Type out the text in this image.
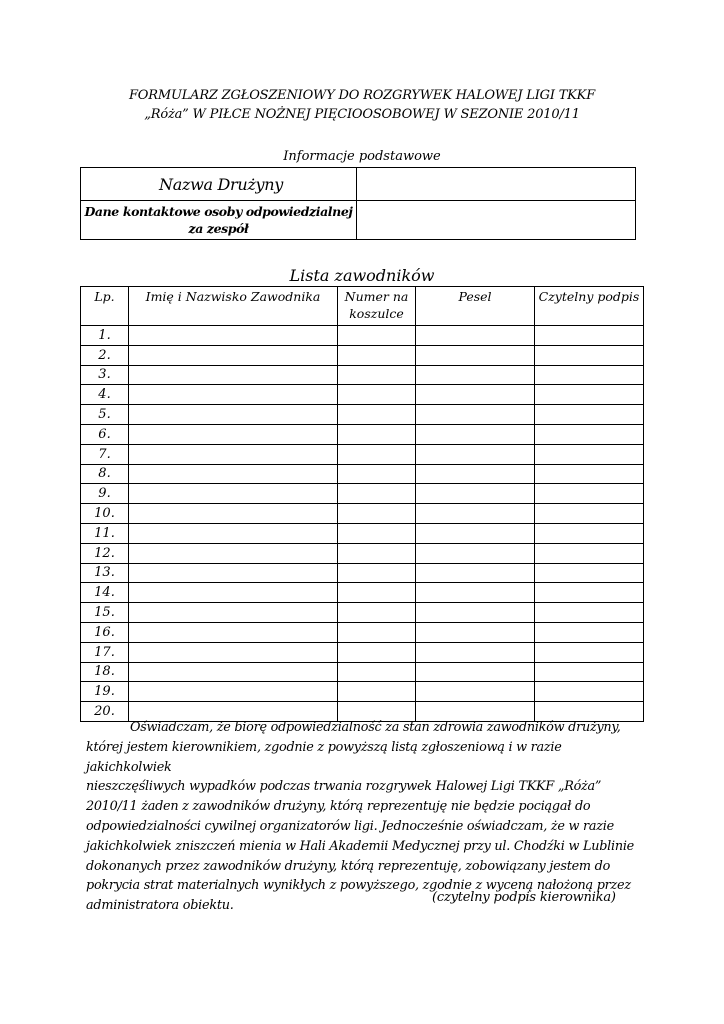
FORMULARZ ZGŁOSZENIOWY DO ROZGRYWEK HALOWEJ LIGI TKKF
„Róża” W PIŁCE NOŻNEJ PIĘCIOOSOBOWEJ W SEZONIE 2010/11
Informacje podstawowe
Nazwa Drużyny	

Dane kontaktowe osoby odpowiedzialnej
za zespół	

Lista zawodników
Lp.	Imię i Nazwisko Zawodnika	Numer na
koszulce	Pesel	Czytelny podpis
1.				
2.				
3.				
4.				
5.				
6.				
7.				
8.				
9.				
10.				
11.				
12.				
13.				
14.				
15.				
16.				
17.				
18.				
19.				
20.				
Oświadczam, że biorę odpowiedzialność za stan zdrowia zawodników drużyny,
której jestem kierownikiem, zgodnie z powyższą listą zgłoszeniową i w razie jakichkolwiek
nieszczęśliwych wypadków podczas trwania rozgrywek Halowej Ligi TKKF „Róża”
2010/11 żaden z zawodników drużyny, którą reprezentuję nie będzie pociągał do
odpowiedzialności cywilnej organizatorów ligi. Jednocześnie oświadczam, że w razie
jakichkolwiek zniszczeń mienia w Hali Akademii Medycznej przy ul. Chodźki w Lublinie
dokonanych przez zawodników drużyny, którą reprezentuję, zobowiązany jestem do
pokrycia strat materialnych wynikłych z powyższego, zgodnie z wyceną nałożoną przez
administratora obiektu.
(czytelny podpis kierownika)
